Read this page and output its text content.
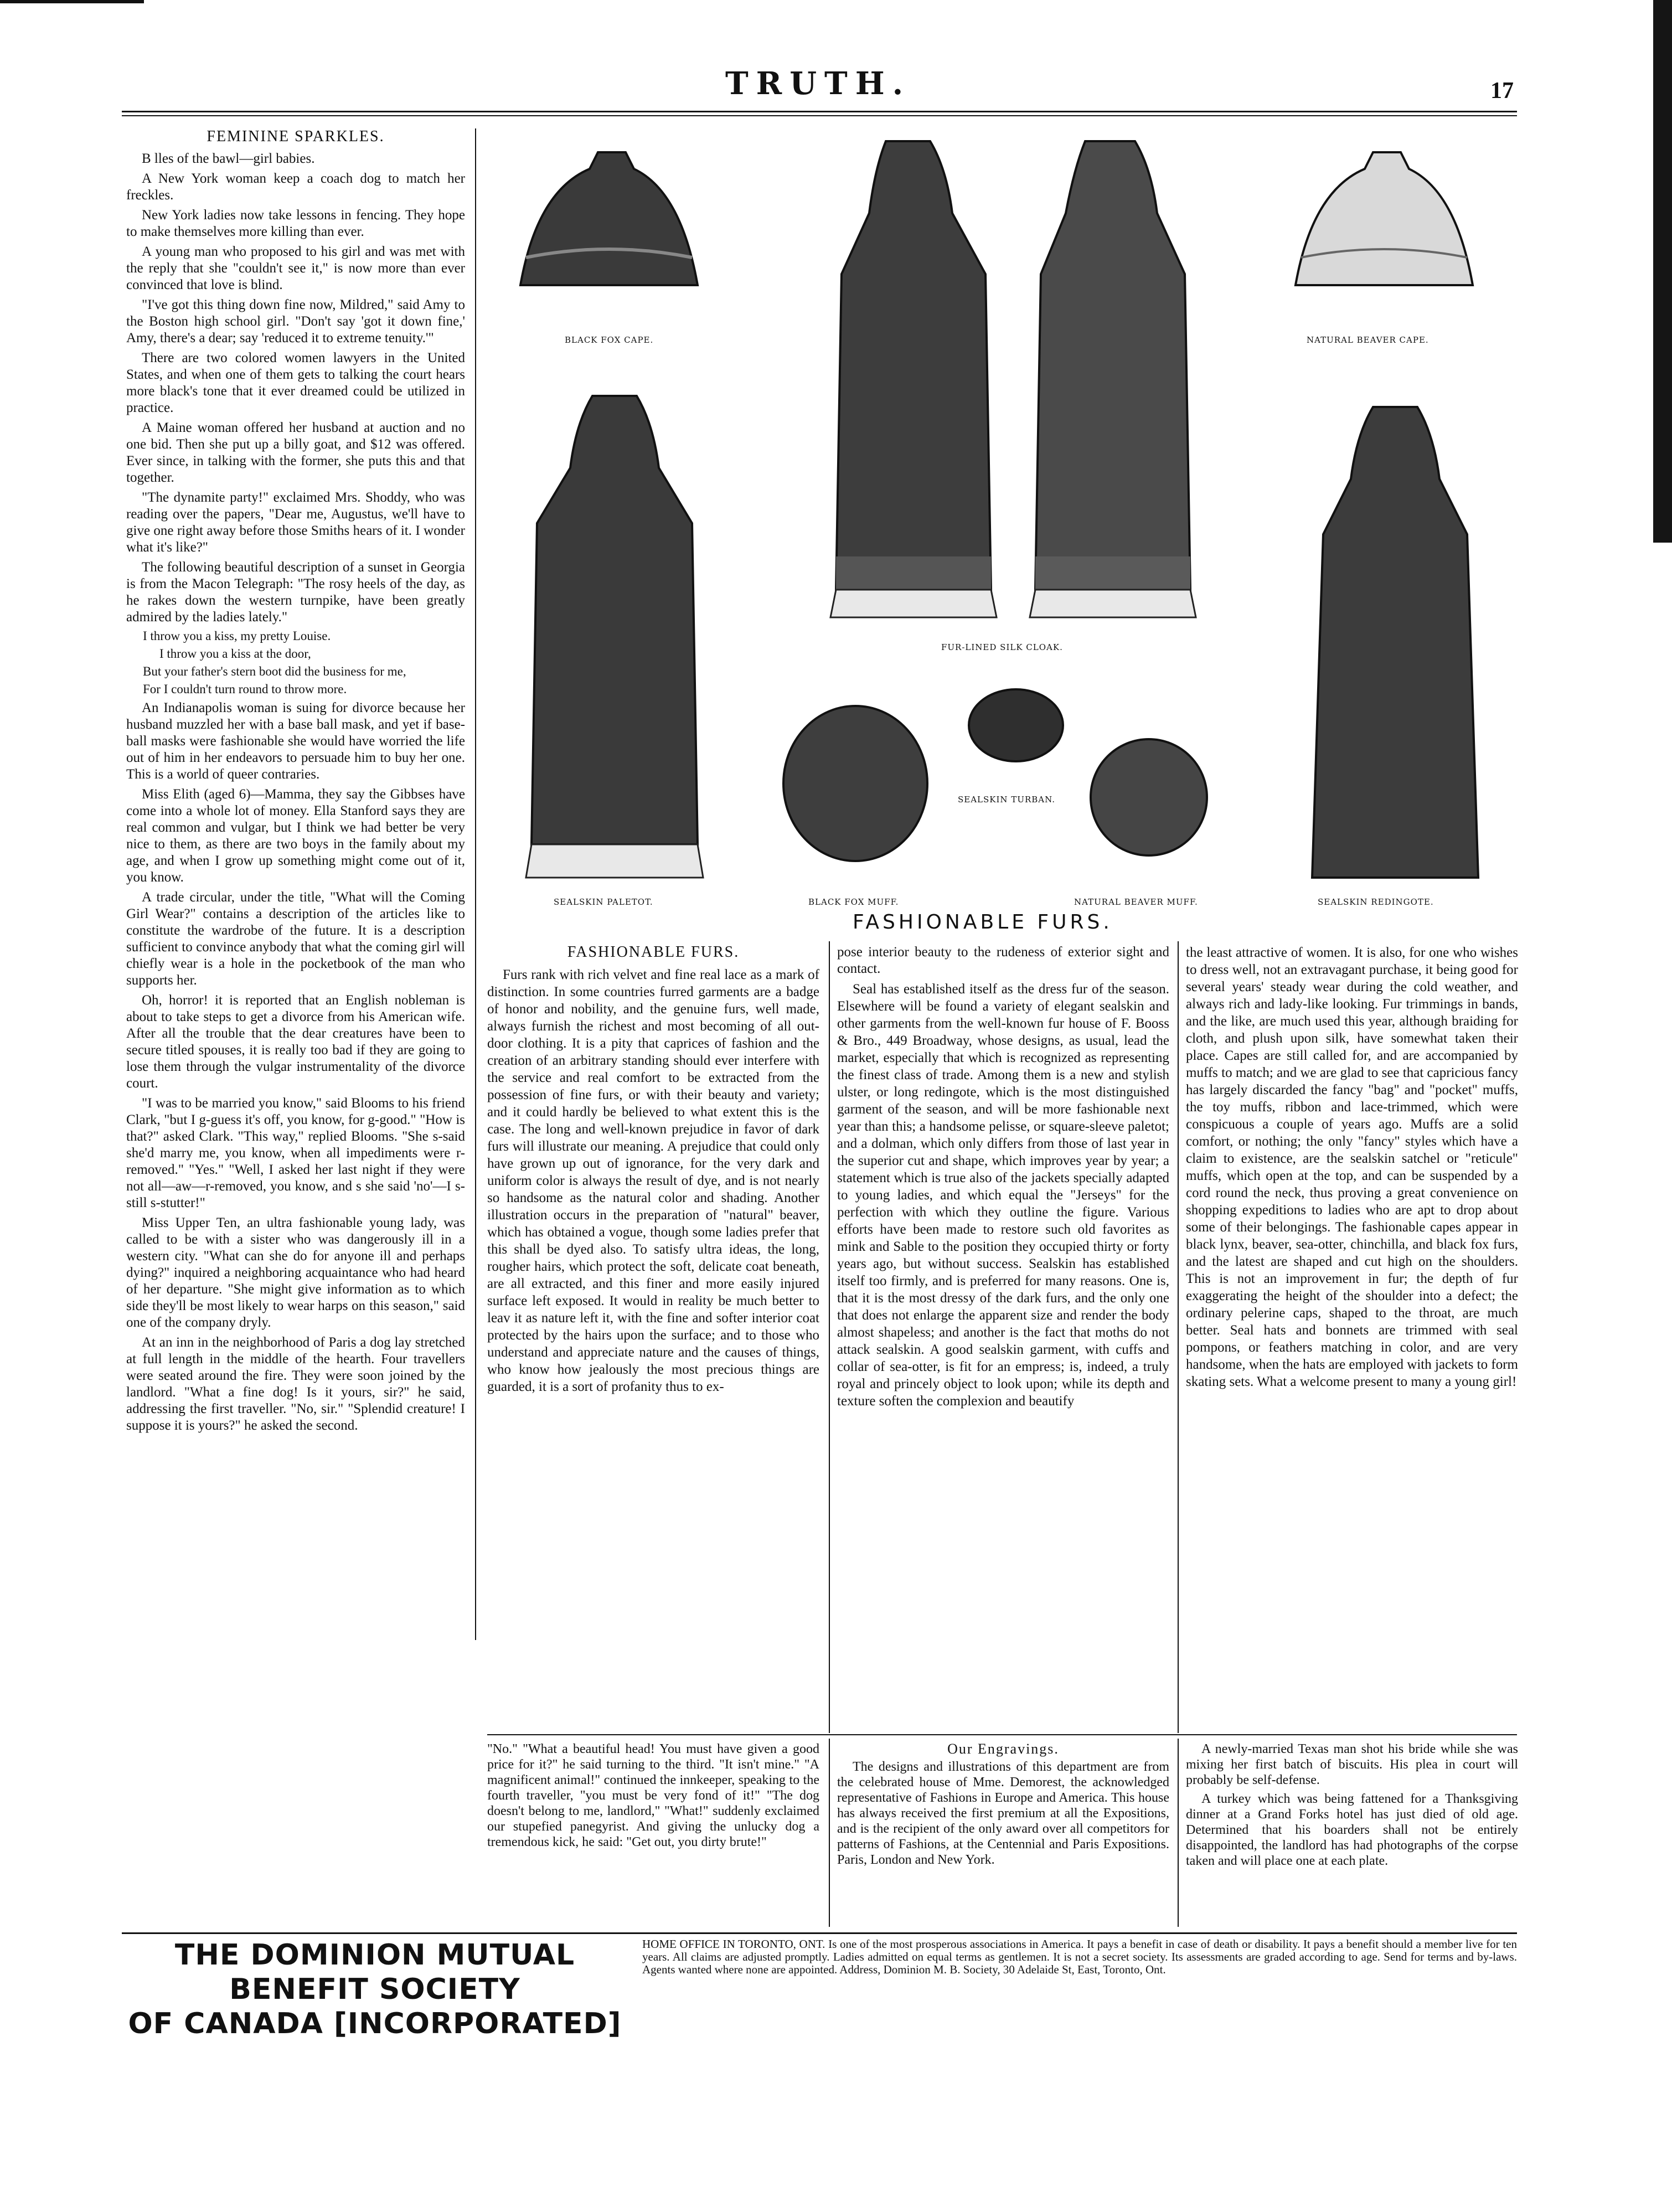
TRUTH.	17
FEMININE SPARKLES.

B lles of the bawl—girl babies.

A New York woman keep a coach dog to match her freckles.

New York ladies now take lessons in fencing. They hope to make themselves more killing than ever.

A young man who proposed to his girl and was met with the reply that she "couldn't see it," is now more than ever convinced that love is blind.

"I've got this thing down fine now, Mildred," said Amy to the Boston high school girl. "Don't say 'got it down fine,' Amy, there's a dear; say 'reduced it to extreme tenuity.'"

There are two colored women lawyers in the United States, and when one of them gets to talking the court hears more black's tone that it ever dreamed could be utilized in practice.

A Maine woman offered her husband at auction and no one bid. Then she put up a billy goat, and $12 was offered. Ever since, in talking with the former, she puts this and that together.

"The dynamite party!" exclaimed Mrs. Shoddy, who was reading over the papers, "Dear me, Augustus, we'll have to give one right away before those Smiths hears of it. I wonder what it's like?"

The following beautiful description of a sunset in Georgia is from the Macon Telegraph: "The rosy heels of the day, as he rakes down the western turnpike, have been greatly admired by the ladies lately."

I throw you a kiss, my pretty Louise.
I throw you a kiss at the door,
But your father's stern boot did the business for me,
For I couldn't turn round to throw more.

An Indianapolis woman is suing for divorce because her husband muzzled her with a base ball mask, and yet if base-ball masks were fashionable she would have worried the life out of him in her endeavors to persuade him to buy her one. This is a world of queer contraries.

Miss Elith (aged 6)—Mamma, they say the Gibbses have come into a whole lot of money. Ella Stanford says they are real common and vulgar, but I think we had better be very nice to them, as there are two boys in the family about my age, and when I grow up something might come out of it, you know.

A trade circular, under the title, "What will the Coming Girl Wear?" contains a description of the articles like to constitute the wardrobe of the future. It is a description sufficient to convince anybody that what the coming girl will chiefly wear is a hole in the pocketbook of the man who supports her.

Oh, horror! it is reported that an English nobleman is about to take steps to get a divorce from his American wife. After all the trouble that the dear creatures have been to secure titled spouses, it is really too bad if they are going to lose them through the vulgar instrumentality of the divorce court.

"I was to be married you know," said Blooms to his friend Clark, "but I g-guess it's off, you know, for g-good." "How is that?" asked Clark. "This way," replied Blooms. "She s-said she'd marry me, you know, when all impediments were r-removed." "Yes." "Well, I asked her last night if they were not all—aw—r-removed, you know, and s she said 'no'—I s-still s-stutter!"

Miss Upper Ten, an ultra fashionable young lady, was called to be with a sister who was dangerously ill in a western city. "What can she do for anyone ill and perhaps dying?" inquired a neighboring acquaintance who had heard of her departure. "She might give information as to which side they'll be most likely to wear harps on this season," said one of the company dryly.

At an inn in the neighborhood of Paris a dog lay stretched at full length in the middle of the hearth. Four travellers were seated around the fire. They were soon joined by the landlord. "What a fine dog! Is it yours, sir?" he said, addressing the first traveller. "No, sir." "Splendid creature! I suppose it is yours?" he asked the second.

BLACK FOX CAPE.
FUR-LINED SILK CLOAK.
NATURAL BEAVER CAPE.
SEALSKIN PALETOT.	BLACK FOX MUFF.
SEALSKIN TURBAN.
NATURAL BEAVER MUFF.	SEALSKIN REDINGOTE.
FASHIONABLE FURS.
FASHIONABLE FURS.

Furs rank with rich velvet and fine real lace as a mark of distinction. In some countries furred garments are a badge of honor and nobility, and the genuine furs, well made, always furnish the richest and most becoming of all out-door clothing. It is a pity that caprices of fashion and the creation of an arbitrary standing should ever interfere with the service and real comfort to be extracted from the possession of fine furs, or with their beauty and variety; and it could hardly be believed to what extent this is the case. The long and well-known prejudice in favor of dark furs will illustrate our meaning. A prejudice that could only have grown up out of ignorance, for the very dark and uniform color is always the result of dye, and is not nearly so handsome as the natural color and shading. Another illustration occurs in the preparation of "natural" beaver, which has obtained a vogue, though some ladies prefer that this shall be dyed also. To satisfy ultra ideas, the long, rougher hairs, which protect the soft, delicate coat beneath, are all extracted, and this finer and more easily injured surface left exposed. It would in reality be much better to leav it as nature left it, with the fine and softer interior coat protected by the hairs upon the surface; and to those who understand and appreciate nature and the causes of things, who know how jealously the most precious things are guarded, it is a sort of profanity thus to ex-

pose interior beauty to the rudeness of exterior sight and contact.

Seal has established itself as the dress fur of the season. Elsewhere will be found a variety of elegant sealskin and other garments from the well-known fur house of F. Booss & Bro., 449 Broadway, whose designs, as usual, lead the market, especially that which is recognized as representing the finest class of trade. Among them is a new and stylish ulster, or long redingote, which is the most distinguished garment of the season, and will be more fashionable next year than this; a handsome pelisse, or square-sleeve paletot; and a dolman, which only differs from those of last year in the superior cut and shape, which improves year by year; a statement which is true also of the jackets specially adapted to young ladies, and which equal the "Jerseys" for the perfection with which they outline the figure. Various efforts have been made to restore such old favorites as mink and Sable to the position they occupied thirty or forty years ago, but without success. Sealskin has established itself too firmly, and is preferred for many reasons. One is, that it is the most dressy of the dark furs, and the only one that does not enlarge the apparent size and render the body almost shapeless; and another is the fact that moths do not attack sealskin. A good sealskin garment, with cuffs and collar of sea-otter, is fit for an empress; is, indeed, a truly royal and princely object to look upon; while its depth and texture soften the complexion and beautify

the least attractive of women. It is also, for one who wishes to dress well, not an extravagant purchase, it being good for several years' steady wear during the cold weather, and always rich and lady-like looking. Fur trimmings in bands, and the like, are much used this year, although braiding for cloth, and plush upon silk, have somewhat taken their place. Capes are still called for, and are accompanied by muffs to match; and we are glad to see that capricious fancy has largely discarded the fancy "bag" and "pocket" muffs, the toy muffs, ribbon and lace-trimmed, which were conspicuous a couple of years ago. Muffs are a solid comfort, or nothing; the only "fancy" styles which have a claim to existence, are the sealskin satchel or "reticule" muffs, which open at the top, and can be suspended by a cord round the neck, thus proving a great convenience on shopping expeditions to ladies who are apt to drop about some of their belongings. The fashionable capes appear in black lynx, beaver, sea-otter, chinchilla, and black fox furs, and the latest are shaped and cut high on the shoulders. This is not an improvement in fur; the depth of fur exaggerating the height of the shoulder into a defect; the ordinary pelerine caps, shaped to the throat, are much better. Seal hats and bonnets are trimmed with seal pompons, or feathers matching in color, and are very handsome, when the hats are employed with jackets to form skating sets. What a welcome present to many a young girl!

"No." "What a beautiful head! You must have given a good price for it?" he said turning to the third. "It isn't mine." "A magnificent animal!" continued the innkeeper, speaking to the fourth traveller, "you must be very fond of it!" "The dog doesn't belong to me, landlord," "What!" suddenly exclaimed our stupefied panegyrist. And giving the unlucky dog a tremendous kick, he said: "Get out, you dirty brute!"

Our Engravings.

The designs and illustrations of this department are from the celebrated house of Mme. Demorest, the acknowledged representative of Fashions in Europe and America. This house has always received the first premium at all the Expositions, and is the recipient of the only award over all competitors for patterns of Fashions, at the Centennial and Paris Expositions. Paris, London and New York.

A newly-married Texas man shot his bride while she was mixing her first batch of biscuits. His plea in court will probably be self-defense.

A turkey which was being fattened for a Thanksgiving dinner at a Grand Forks hotel has just died of old age. Determined that his boarders shall not be entirely disappointed, the landlord has had photographs of the corpse taken and will place one at each plate.

THE DOMINION MUTUAL BENEFIT SOCIETY
OF CANADA [INCORPORATED]
HOME OFFICE IN TORONTO, ONT. Is one of the most prosperous associations in America. It pays a benefit in case of death or disability. It pays a benefit should a member live for ten years. All claims are adjusted promptly. Ladies admitted on equal terms as gentlemen. It is not a secret society. Its assessments are graded according to age. Send for terms and by-laws. Agents wanted where none are appointed. Address, Dominion M. B. Society, 30 Adelaide St, East, Toronto, Ont.
